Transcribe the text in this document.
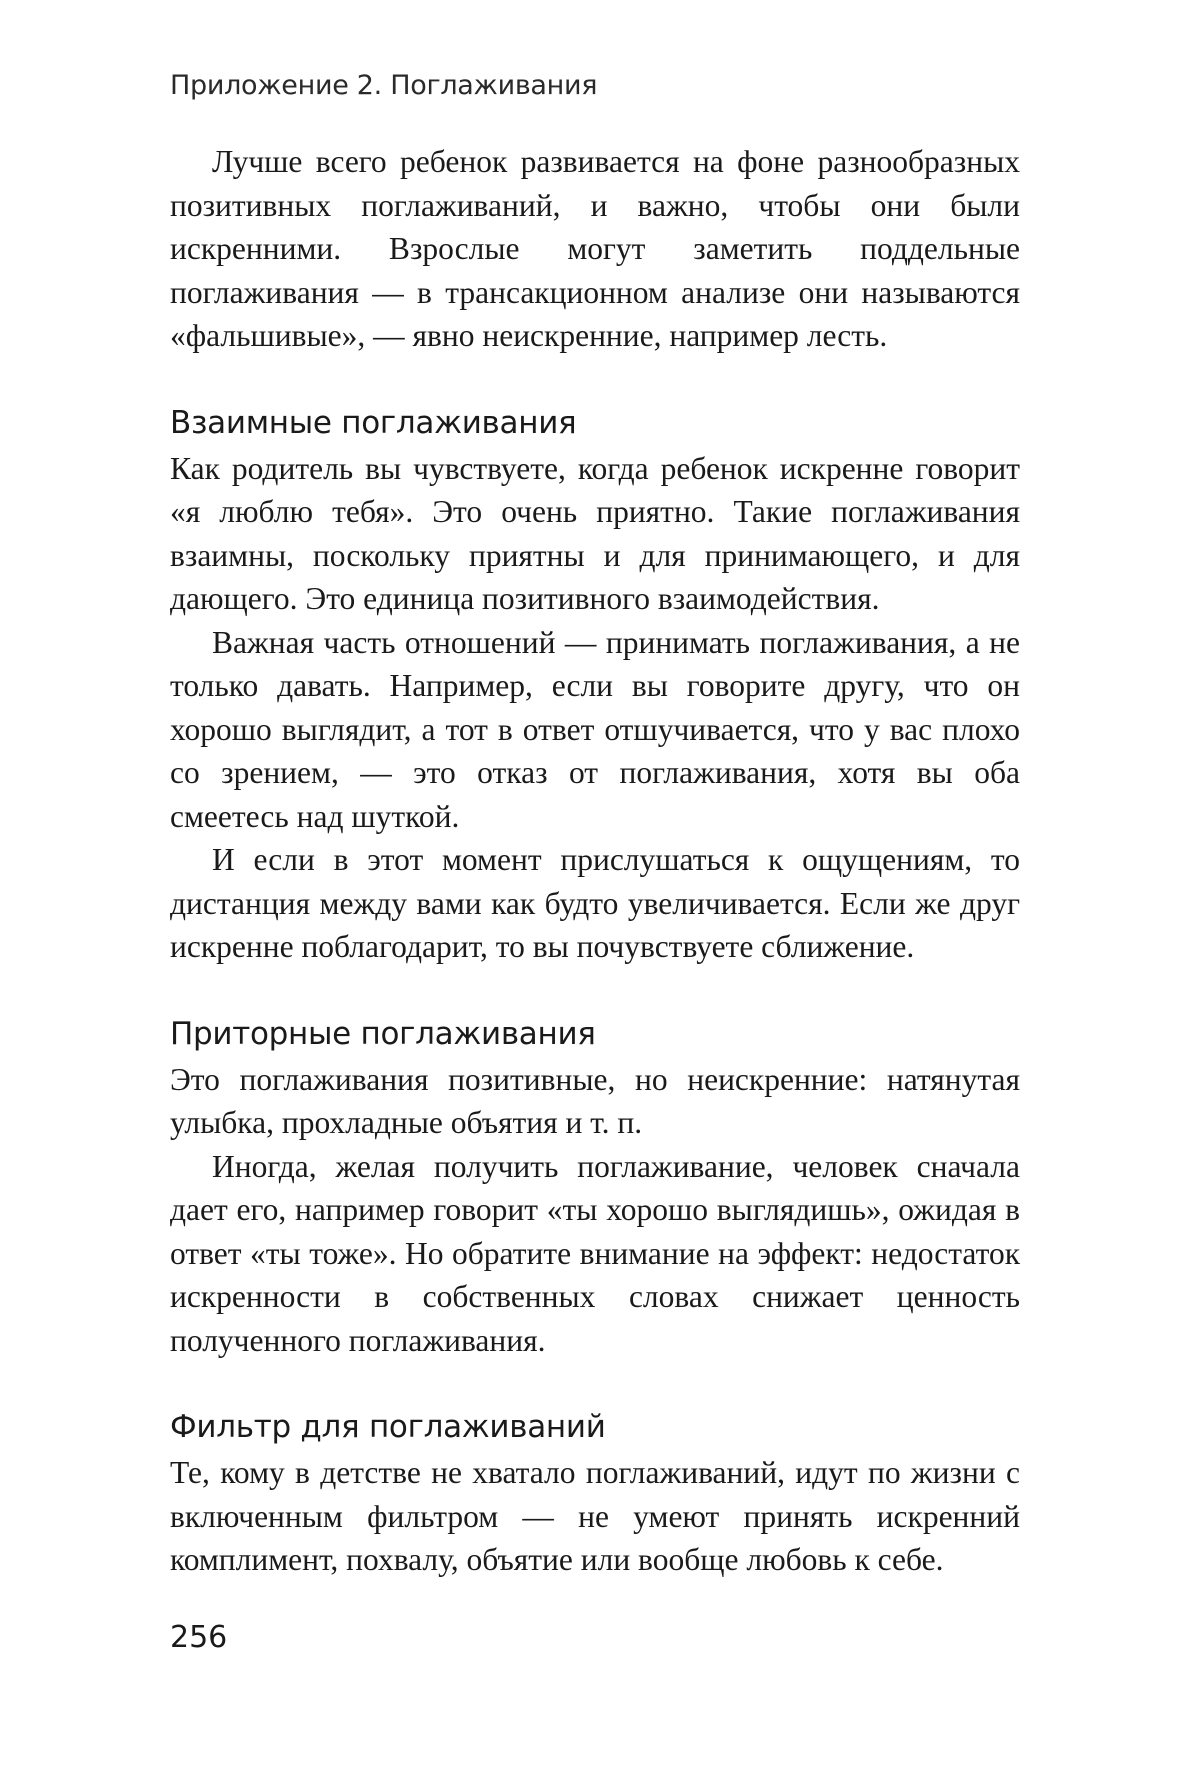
Приложение 2. Поглаживания

Лучше всего ребенок развивается на фоне разнообразных позитивных поглаживаний, и важно, чтобы они были искренними. Взрослые могут заметить поддельные поглаживания — в трансакционном анализе они называются «фальшивые», — явно неискренние, например лесть.

Взаимные поглаживания

Как родитель вы чувствуете, когда ребенок искренне говорит «я люблю тебя». Это очень приятно. Такие поглаживания взаимны, поскольку приятны и для принимающего, и для дающего. Это единица позитивного взаимодействия.

Важная часть отношений — принимать поглаживания, а не только давать. Например, если вы говорите другу, что он хорошо выглядит, а тот в ответ отшучивается, что у вас плохо со зрением, — это отказ от поглаживания, хотя вы оба смеетесь над шуткой.

И если в этот момент прислушаться к ощущениям, то дистанция между вами как будто увеличивается. Если же друг искренне поблагодарит, то вы почувствуете сближение.

Приторные поглаживания

Это поглаживания позитивные, но неискренние: натянутая улыбка, прохладные объятия и т. п.

Иногда, желая получить поглаживание, человек сначала дает его, например говорит «ты хорошо выглядишь», ожидая в ответ «ты тоже». Но обратите внимание на эффект: недостаток искренности в собственных словах снижает ценность полученного поглаживания.

Фильтр для поглаживаний

Те, кому в детстве не хватало поглаживаний, идут по жизни с включенным фильтром — не умеют принять искренний комплимент, похвалу, объятие или вообще любовь к себе.

256
